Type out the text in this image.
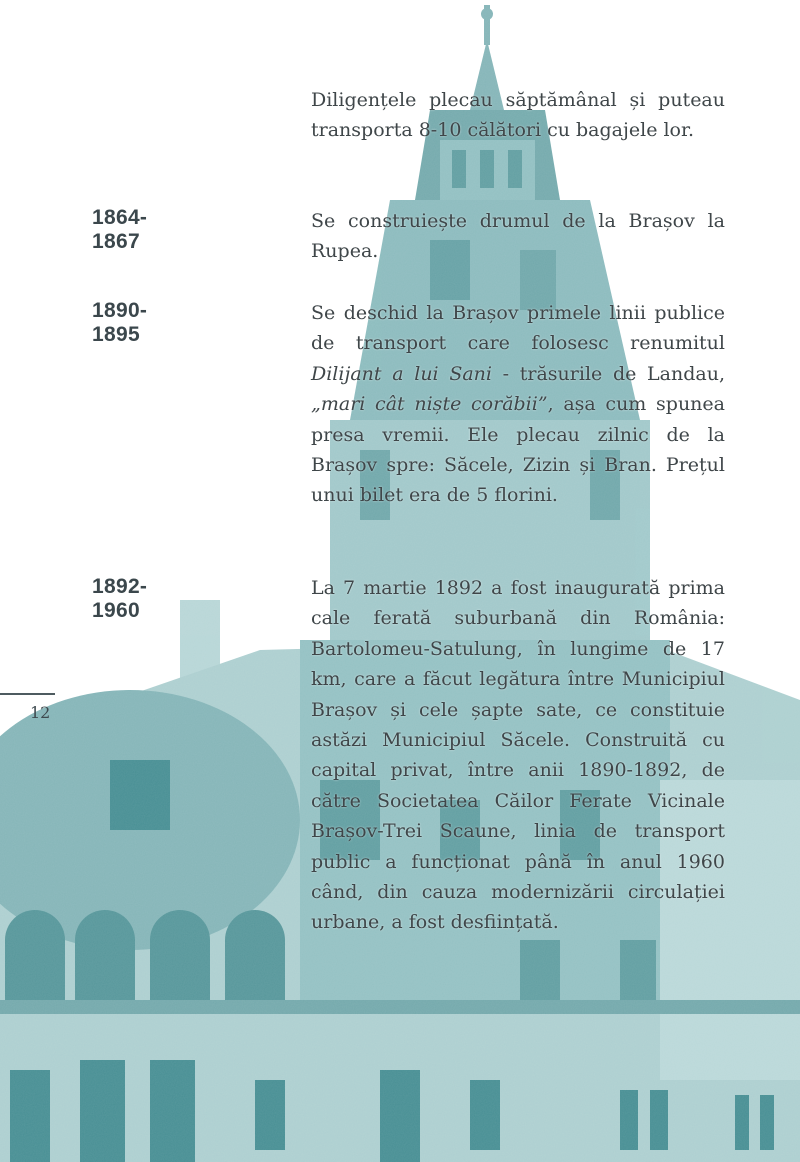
12
Diligențele plecau săptămânal și puteau transporta 8-10 călători cu bagajele lor.
1864-1867
Se construiește drumul de la Brașov la Rupea.
1890-1895
Se deschid la Brașov primele linii publice de transport care folosesc renumitul Dilijant a lui Sani - trăsurile de Landau, „mari cât niște corăbii”, așa cum spunea presa vremii. Ele plecau zilnic de la Brașov spre: Săcele, Zizin și Bran. Prețul unui bilet era de 5 florini.
1892-1960
La 7 martie 1892 a fost inaugurată prima cale ferată suburbană din România: Bartolomeu-Satulung, în lungime de 17 km, care a făcut legătura între Municipiul Brașov și cele șapte sate, ce constituie astăzi Municipiul Săcele. Construită cu capital privat, între anii 1890-1892, de către Societatea Căilor Ferate Vicinale Brașov-Trei Scaune, linia de transport public a funcționat până în anul 1960 când, din cauza modernizării circulației urbane, a fost desființată.
